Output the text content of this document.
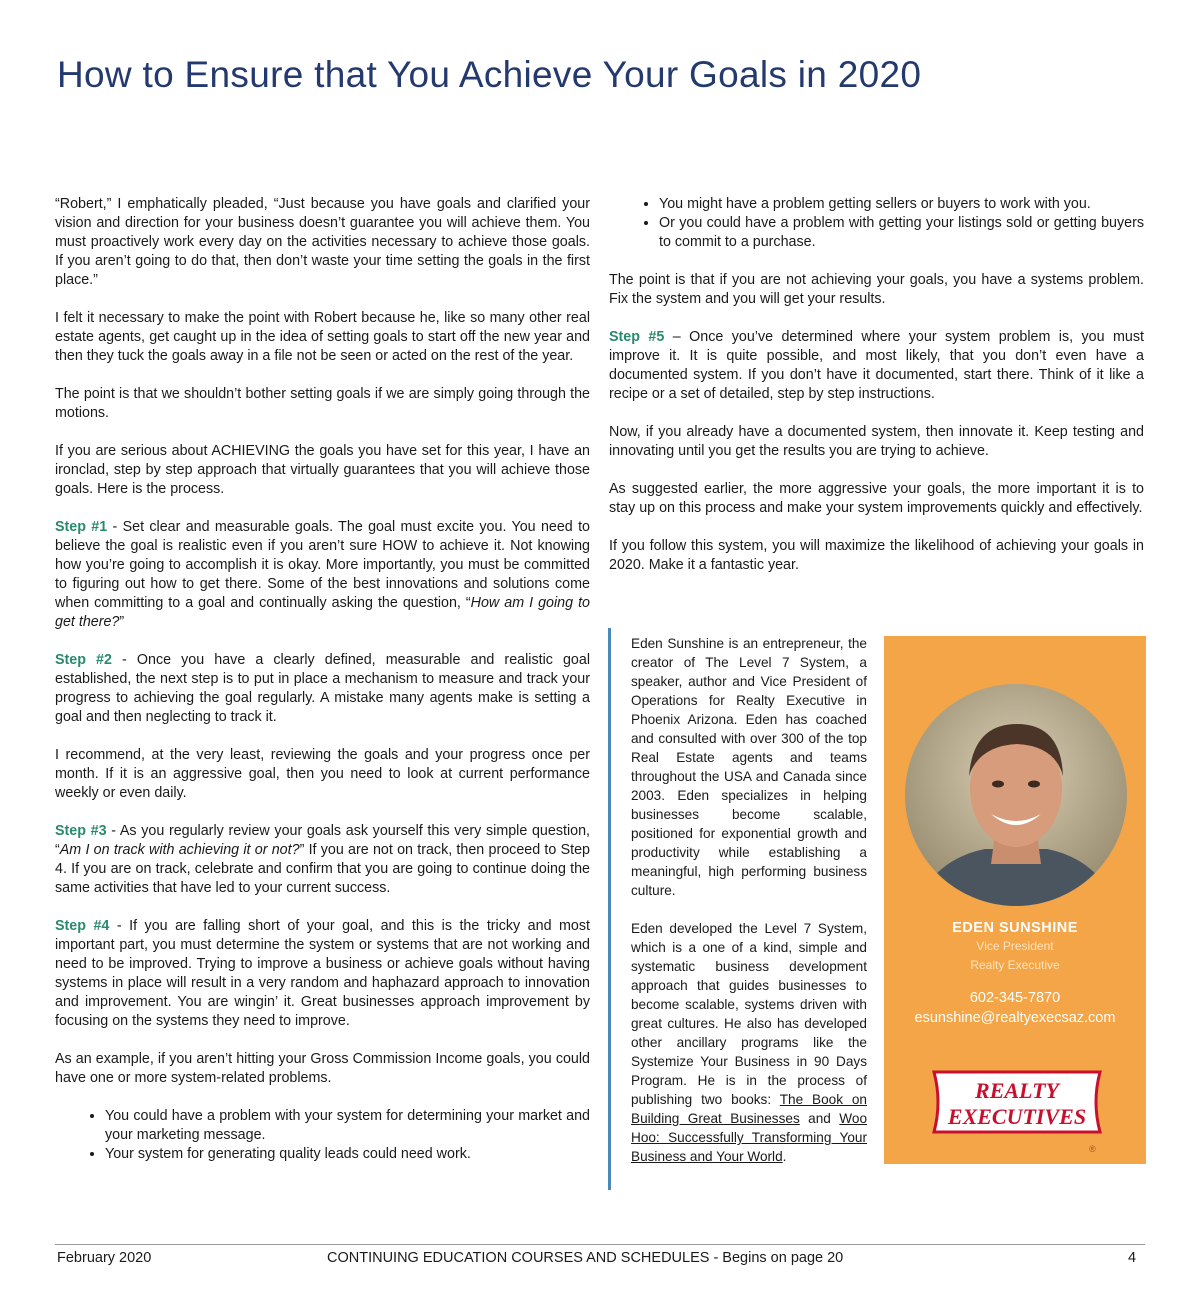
How to Ensure that You Achieve Your Goals in 2020

“Robert,” I emphatically pleaded, “Just because you have goals and clarified your vision and direction for your business doesn’t guarantee you will achieve them. You must proactively work every day on the activities necessary to achieve those goals. If you aren’t going to do that, then don’t waste your time setting the goals in the first place.”

I felt it necessary to make the point with Robert because he, like so many other real estate agents, get caught up in the idea of setting goals to start off the new year and then they tuck the goals away in a file not be seen or acted on the rest of the year.

The point is that we shouldn’t bother setting goals if we are simply going through the motions.

If you are serious about ACHIEVING the goals you have set for this year, I have an ironclad, step by step approach that virtually guarantees that you will achieve those goals. Here is the process.

Step #1 - Set clear and measurable goals. The goal must excite you. You need to believe the goal is realistic even if you aren’t sure HOW to achieve it. Not knowing how you’re going to accomplish it is okay. More importantly, you must be committed to figuring out how to get there. Some of the best innovations and solutions come when committing to a goal and continually asking the question, “How am I going to get there?”

Step #2 - Once you have a clearly defined, measurable and realistic goal established, the next step is to put in place a mechanism to measure and track your progress to achieving the goal regularly. A mistake many agents make is setting a goal and then neglecting to track it.

I recommend, at the very least, reviewing the goals and your progress once per month. If it is an aggressive goal, then you need to look at current performance weekly or even daily.

Step #3 - As you regularly review your goals ask yourself this very simple question, “Am I on track with achieving it or not?” If you are not on track, then proceed to Step 4. If you are on track, celebrate and confirm that you are going to continue doing the same activities that have led to your current success.

Step #4 - If you are falling short of your goal, and this is the tricky and most important part, you must determine the system or systems that are not working and need to be improved. Trying to improve a business or achieve goals without having systems in place will result in a very random and haphazard approach to innovation and improvement. You are wingin’ it. Great businesses approach improvement by focusing on the systems they need to improve.

As an example, if you aren’t hitting your Gross Commission Income goals, you could have one or more system-related problems.

• You could have a problem with your system for determining your market and your marketing message.
• Your system for generating quality leads could need work.
• You might have a problem getting sellers or buyers to work with you.
• Or you could have a problem with getting your listings sold or getting buyers to commit to a purchase.

The point is that if you are not achieving your goals, you have a systems problem. Fix the system and you will get your results.

Step #5 – Once you’ve determined where your system problem is, you must improve it. It is quite possible, and most likely, that you don’t even have a documented system. If you don’t have it documented, start there. Think of it like a recipe or a set of detailed, step by step instructions.

Now, if you already have a documented system, then innovate it. Keep testing and innovating until you get the results you are trying to achieve.

As suggested earlier, the more aggressive your goals, the more important it is to stay up on this process and make your system improvements quickly and effectively.

If you follow this system, you will maximize the likelihood of achieving your goals in 2020. Make it a fantastic year.

Eden Sunshine is an entrepreneur, the creator of The Level 7 System, a speaker, author and Vice President of Operations for Realty Executive in Phoenix Arizona. Eden has coached and consulted with over 300 of the top Real Estate agents and teams throughout the USA and Canada since 2003. Eden specializes in helping businesses become scalable, positioned for exponential growth and productivity while establishing a meaningful, high performing business culture.

Eden developed the Level 7 System, which is a one of a kind, simple and systematic business development approach that guides businesses to become scalable, systems driven with great cultures. He also has developed other ancillary programs like the Systemize Your Business in 90 Days Program. He is in the process of publishing two books: The Book on Building Great Businesses and Woo Hoo: Successfully Transforming Your Business and Your World.

EDEN SUNSHINE
Vice President
Realty Executive
602-345-7870
esunshine@realtyexecsaz.com
REALTY
EXECUTIVES
®
February 2020	CONTINUING EDUCATION COURSES AND SCHEDULES - Begins on page 20	4
